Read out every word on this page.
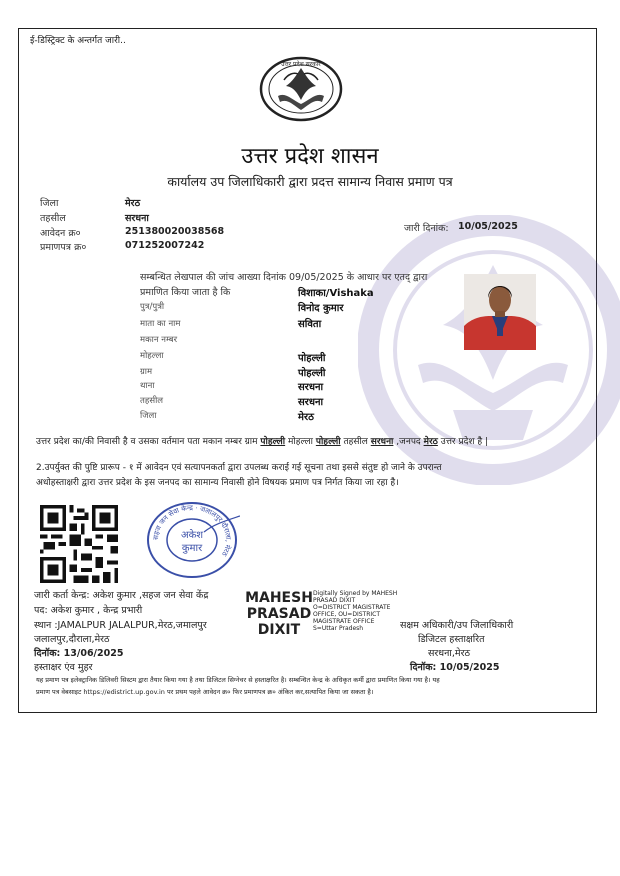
ई-डिस्ट्रिक्ट के अन्तर्गत जारी..
उत्तर प्रदेश सरकार
उत्तर प्रदेश शासन
कार्यालय उप जिलाधिकारी द्वारा प्रदत्त सामान्य निवास प्रमाण पत्र
जिला	मेरठ
तहसील	सरधना
आवेदन क्र०	251380020038568
प्रमाणपत्र क्र०	071252007242
जारी दिनांक: 10/05/2025
सम्बन्धित लेखपाल की जांच आख्या दिनांक 09/05/2025 के आधार पर एतद् द्वारा
प्रमाणित किया जाता है कि	विशाका/Vishaka
पुत्र/पुत्री	विनोद कुमार
माता का नाम	सविता
मकान नम्बर
मोहल्ला	पोहल्ली
ग्राम	पोहल्ली
थाना	सरधना
तहसील	सरधना
जिला	मेरठ
उत्तर प्रदेश का/की निवासी है व उसका वर्तमान पता मकान नम्बर ग्राम पोहल्ली मोहल्ला पोहल्ली तहसील सरधना ,जनपद मेरठ उत्तर प्रदेश है |
2.उपर्युक्त की पुष्टि प्रारूप - १ में आवेदन एवं सत्यापनकर्ता द्वारा उपलब्ध कराई गई सूचना तथा इससे संतुष्ट हो जाने के उपरान्त
अधोहस्ताक्षरी द्वारा उत्तर प्रदेश के इस जनपद का सामान्य निवासी होने विषयक प्रमाण पत्र निर्गत किया जा रहा है।
सहज जन सेवा केन्द्र · जलालपुर दौराला, मेरठ
अकेश
कुमार
जारी कर्ता केन्द्र: अकेश कुमार ,सहज जन सेवा केंद्र
पद: अकेश कुमार , केन्द्र प्रभारी
स्थान :JAMALPUR JALALPUR,मेरठ,जमालपुर
जलालपुर,दौराला,मेरठ
दिनॉक: 13/06/2025
हस्ताक्षर एंव मुहर
MAHESH
PRASAD
DIXIT
Digitally Signed by MAHESH
PRASAD DIXIT
O=DISTRICT MAGISTRATE
OFFICE, OU=DISTRICT
MAGISTRATE OFFICE
S=Uttar Pradesh	सक्षम अधिकारी/उप जिलाधिकारी
डिजिटल हस्ताक्षरित
सरधना,मेरठ
दिनॉक: 10/05/2025
यह प्रमाण पत्र इलेक्ट्रानिक डिलिवरी सिस्टम द्वारा तैयार किया गया है तथा डिजिटल सिग्नेचर से हस्ताक्षरित है। सम्बन्धित केन्द्र के अधिकृत कर्मी द्वारा प्रमाणित किया गया है। यह
प्रमाण पत्र वेबसाइट https://edistrict.up.gov.in पर प्रथम पहले आवेदन क्र० फिर प्रमाणपत्र क्र० अंकित कर,सत्यापित किया जा सकता है।
